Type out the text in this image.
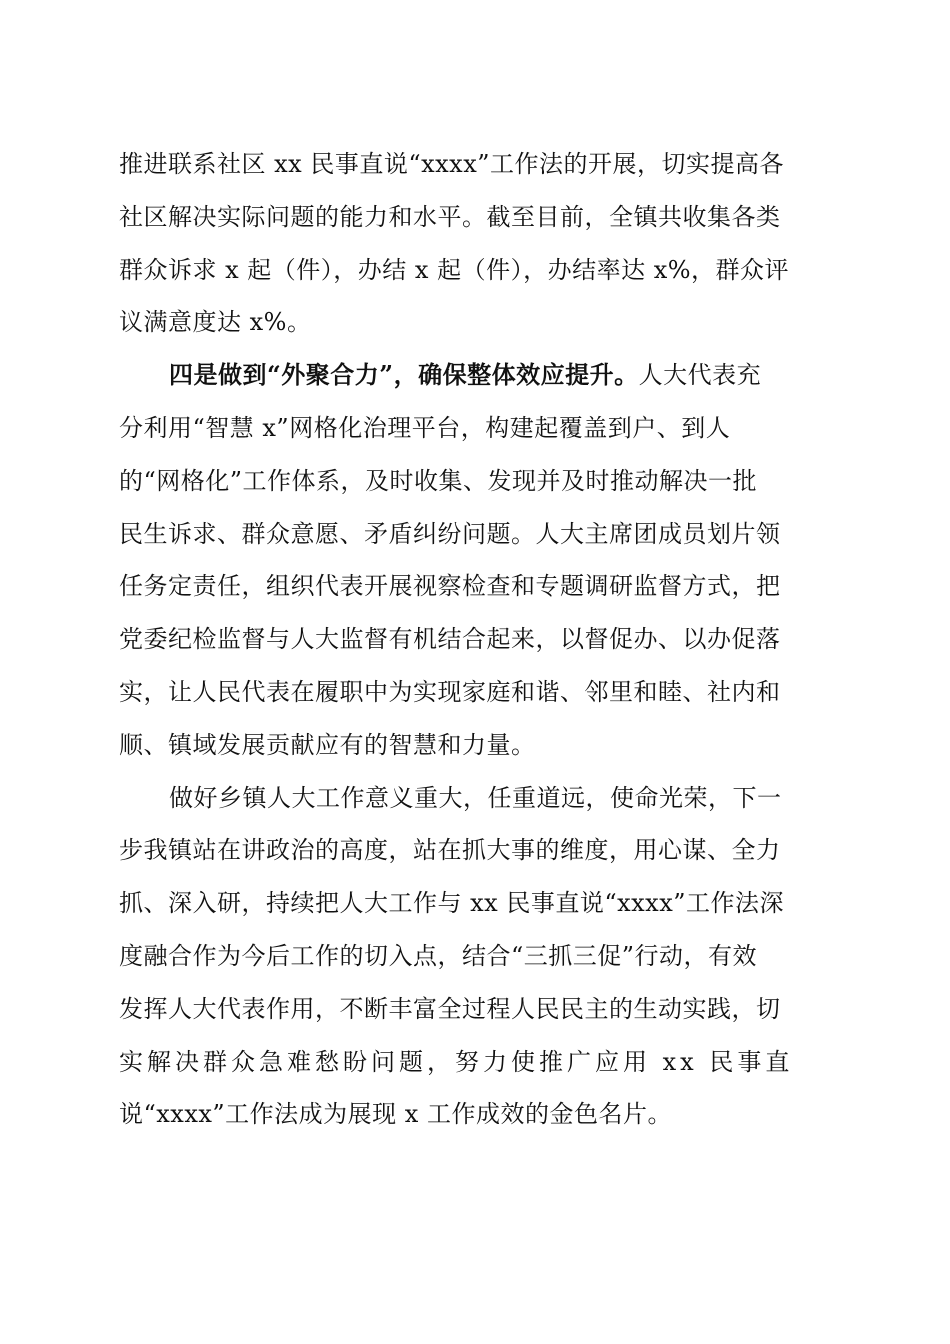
推进联系社区 xx 民事直说“xxxx”工作法的开展，切实提高各
社区解决实际问题的能力和水平。截至目前，全镇共收集各类
群众诉求 x 起（件），办结 x 起（件），办结率达 x%，群众评
议满意度达 x%。
四是做到“外聚合力”，确保整体效应提升。人大代表充
分利用“智慧 x”网格化治理平台，构建起覆盖到户、到人
的“网格化”工作体系，及时收集、发现并及时推动解决一批
民生诉求、群众意愿、矛盾纠纷问题。人大主席团成员划片领
任务定责任，组织代表开展视察检查和专题调研监督方式，把
党委纪检监督与人大监督有机结合起来，以督促办、以办促落
实，让人民代表在履职中为实现家庭和谐、邻里和睦、社内和
顺、镇域发展贡献应有的智慧和力量。
做好乡镇人大工作意义重大，任重道远，使命光荣，下一
步我镇站在讲政治的高度，站在抓大事的维度，用心谋、全力
抓、深入研，持续把人大工作与 xx 民事直说“xxxx”工作法深
度融合作为今后工作的切入点，结合“三抓三促”行动，有效
发挥人大代表作用，不断丰富全过程人民民主的生动实践，切
实解决群众急难愁盼问题，努力使推广应用 xx 民事直
说“xxxx”工作法成为展现 x 工作成效的金色名片。
